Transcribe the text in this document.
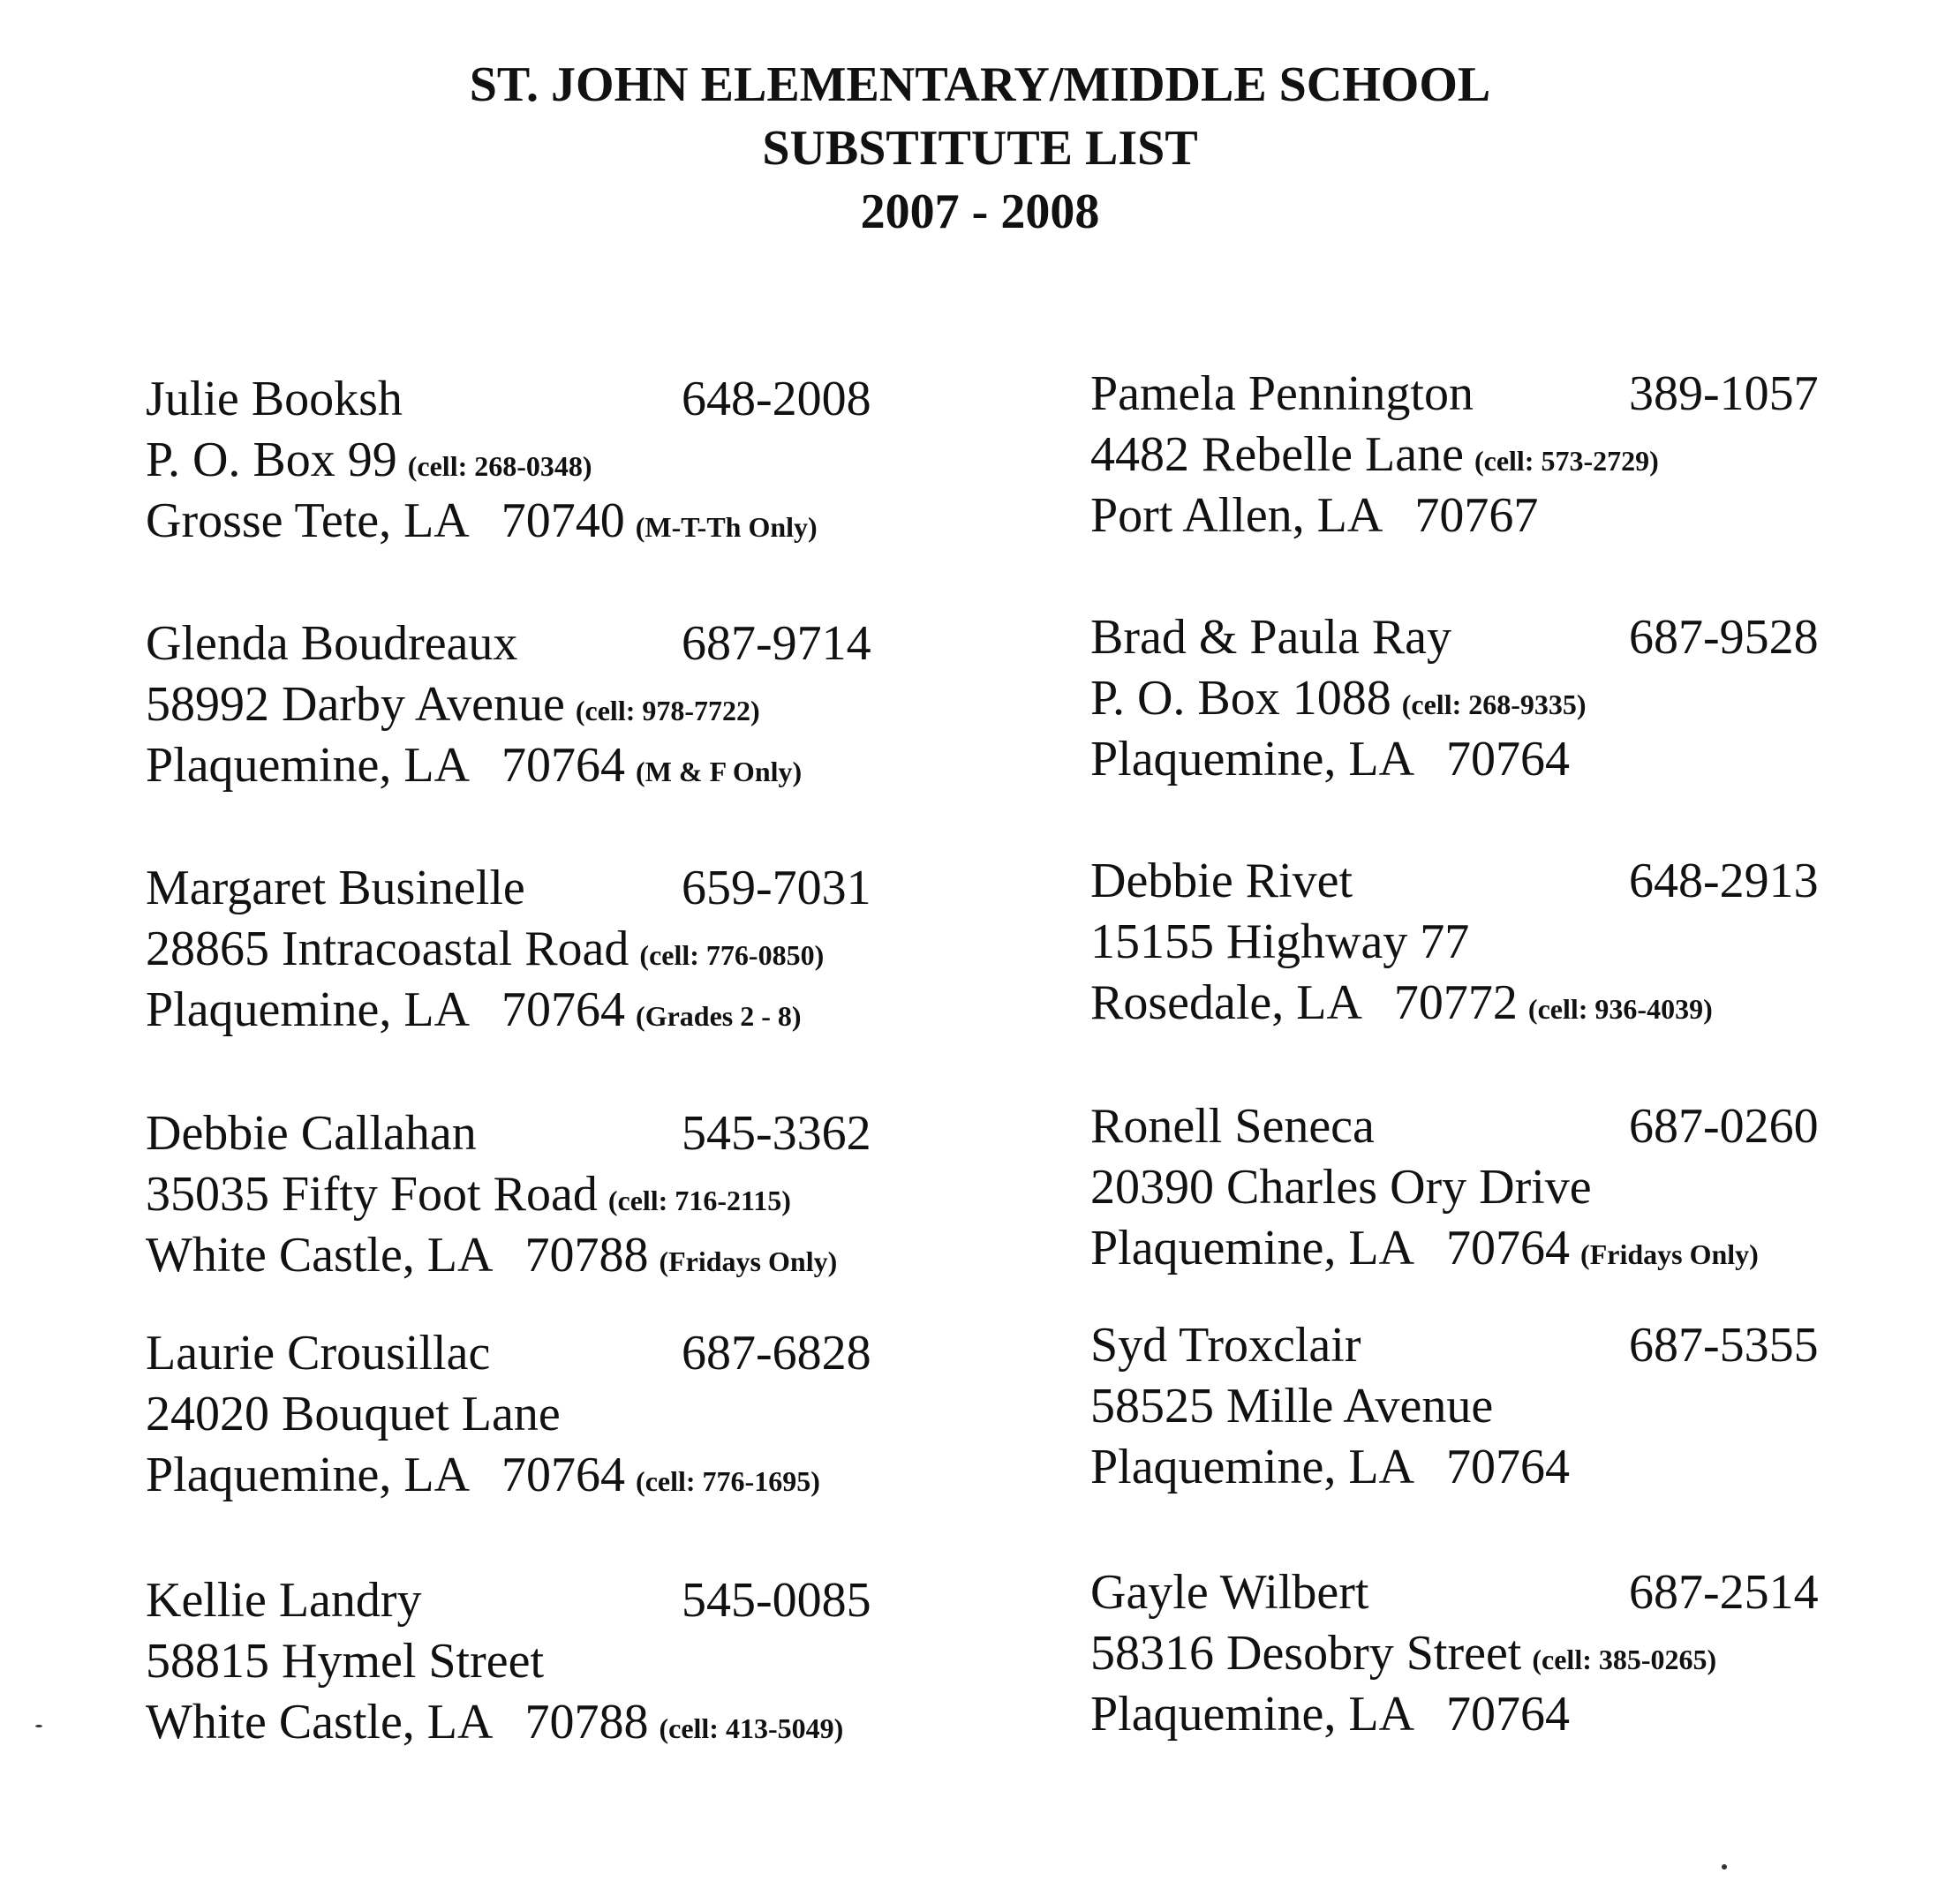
ST. JOHN ELEMENTARY/MIDDLE SCHOOL
SUBSTITUTE LIST
2007 - 2008
Julie Booksh	648-2008
P. O. Box 99 (cell: 268-0348)
Grosse Tete, LA 70740 (M-T-Th Only)
Glenda Boudreaux	687-9714
58992 Darby Avenue (cell: 978-7722)
Plaquemine, LA 70764 (M & F Only)
Margaret Businelle	659-7031
28865 Intracoastal Road (cell: 776-0850)
Plaquemine, LA 70764 (Grades 2 - 8)
Debbie Callahan	545-3362
35035 Fifty Foot Road (cell: 716-2115)
White Castle, LA 70788 (Fridays Only)
Laurie Crousillac	687-6828
24020 Bouquet Lane
Plaquemine, LA 70764 (cell: 776-1695)
Kellie Landry	545-0085
58815 Hymel Street
White Castle, LA 70788 (cell: 413-5049)
Pamela Pennington	389-1057
4482 Rebelle Lane (cell: 573-2729)
Port Allen, LA 70767
Brad & Paula Ray	687-9528
P. O. Box 1088 (cell: 268-9335)
Plaquemine, LA 70764
Debbie Rivet	648-2913
15155 Highway 77
Rosedale, LA 70772 (cell: 936-4039)
Ronell Seneca	687-0260
20390 Charles Ory Drive
Plaquemine, LA 70764 (Fridays Only)
Syd Troxclair	687-5355
58525 Mille Avenue
Plaquemine, LA 70764
Gayle Wilbert	687-2514
58316 Desobry Street (cell: 385-0265)
Plaquemine, LA 70764
